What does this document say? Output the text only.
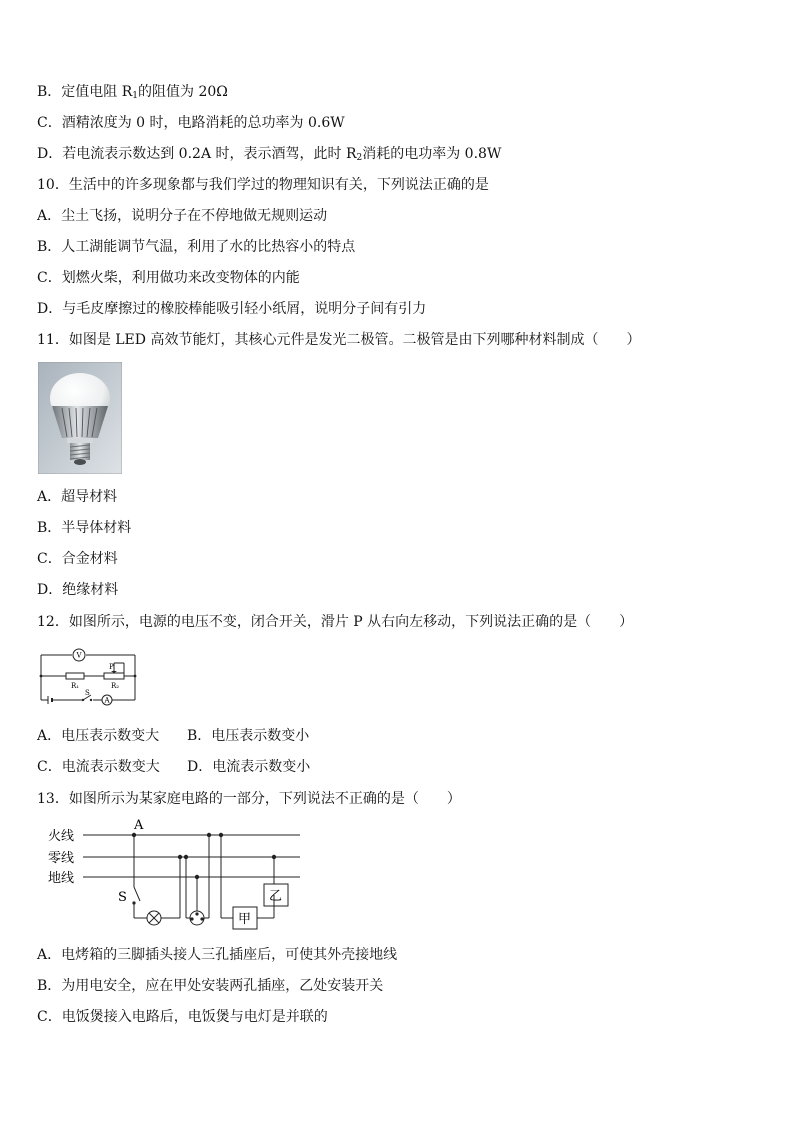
B．定值电阻 $R_1$的阻值为 20Ω
C．酒精浓度为 0 时，电路消耗的总功率为 0.6W
D．若电流表示数达到 0.2A 时，表示酒驾，此时 $R_2$消耗的电功率为 0.8W
10．生活中的许多现象都与我们学过的物理知识有关，下列说法正确的是
A．尘土飞扬，说明分子在不停地做无规则运动
B．人工湖能调节气温，利用了水的比热容小的特点
C．划燃火柴，利用做功来改变物体的内能
D．与毛皮摩擦过的橡胶棒能吸引轻小纸屑，说明分子间有引力
11．如图是 LED 高效节能灯，其核心元件是发光二极管。二极管是由下列哪种材料制成（　　）
A．超导材料
B．半导体材料
C．合金材料
D．绝缘材料
12．如图所示，电源的电压不变，闭合开关，滑片 P 从右向左移动，下列说法正确的是（　　）
V
A
P
R₁	R₂
S
A．电压表示数变大 B．电压表示数变小
C．电流表示数变大 D．电流表示数变小
13．如图所示为某家庭电路的一部分，下列说法不正确的是（　　）
火线
零线
地线
A
S
甲
乙
A．电烤箱的三脚插头接人三孔插座后，可使其外壳接地线
B．为用电安全，应在甲处安装两孔插座，乙处安装开关
C．电饭煲接入电路后，电饭煲与电灯是并联的
